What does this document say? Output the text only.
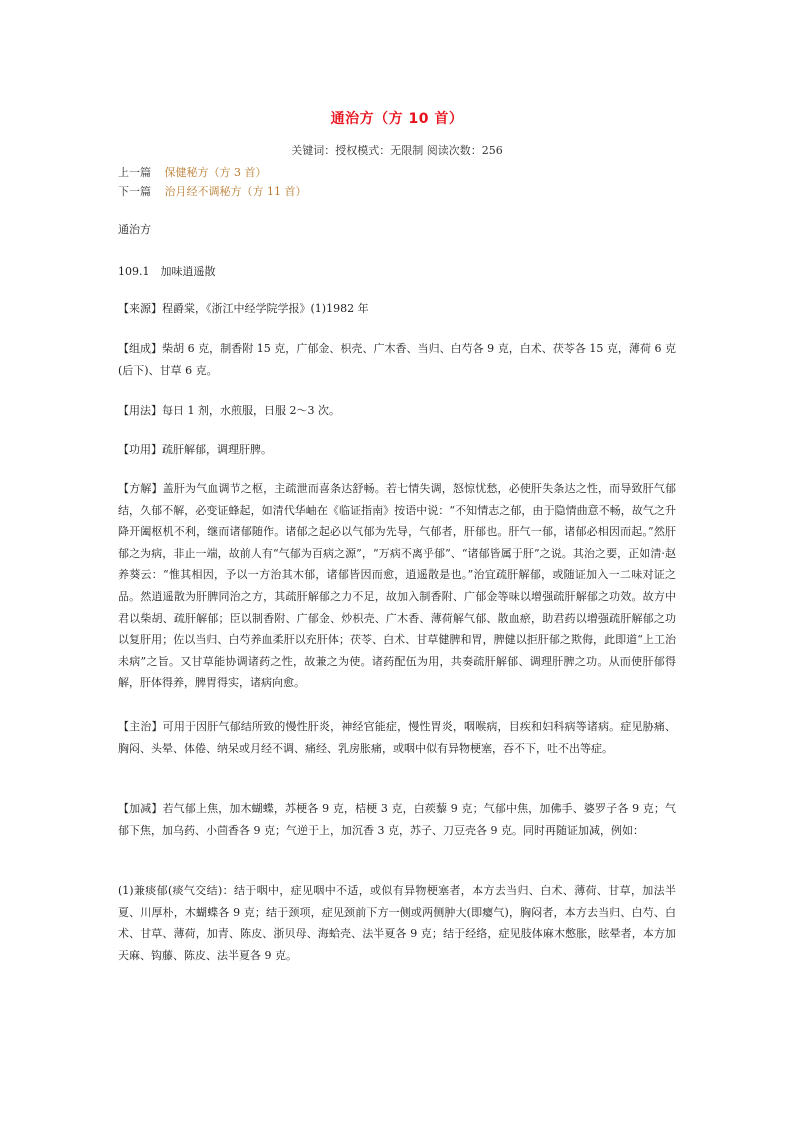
通治方（方 10 首）
关键词：授权模式：无限制 阅读次数：256
上一篇 保健秘方（方 3 首）
下一篇 治月经不调秘方（方 11 首）
通治方
109.1　加味逍遥散
【来源】程爵棠，《浙江中经学院学报》(1)1982 年
【组成】柴胡 6 克，制香附 15 克，广郁金、枳壳、广木香、当归、白芍各 9 克，白术、茯苓各 15 克，薄荷 6 克(后下)、甘草 6 克。
【用法】每日 1 剂，水煎服，日服 2～3 次。
【功用】疏肝解郁，调理肝脾。
【方解】盖肝为气血调节之枢，主疏泄而喜条达舒畅。若七情失调，怒惊忧愁，必使肝失条达之性，而导致肝气郁结，久郁不解，必变证蜂起，如清代华岫在《临证指南》按语中说：“不知情志之郁，由于隐情曲意不畅，故气之升降开阖枢机不利，继而诸郁随作。诸郁之起必以气郁为先导，气郁者，肝郁也。肝气一郁，诸郁必相因而起。”然肝郁之为病，非止一端，故前人有“气郁为百病之源”，“万病不离乎郁”、“诸郁皆属于肝”之说。其治之要，正如清·赵养葵云：“惟其相因，予以一方治其木郁，诸郁皆因而愈，逍遥散是也。”治宜疏肝解郁，或随证加入一二味对证之品。然逍遥散为肝脾同治之方，其疏肝解郁之力不足，故加入制香附、广郁金等味以增强疏肝解郁之功效。故方中君以柴胡、疏肝解郁；臣以制香附、广郁金、炒枳壳、广木香、薄荷解气郁、散血瘀，助君药以增强疏肝解郁之功以复肝用；佐以当归、白芍养血柔肝以充肝体；茯苓、白术、甘草健脾和胃，脾健以拒肝郁之欺侮，此即道“上工治未病”之旨。又甘草能协调诸药之性，故兼之为使。诸药配伍为用，共奏疏肝解郁、调理肝脾之功。从而使肝郁得解，肝体得养，脾胃得实，诸病向愈。
【主治】可用于因肝气郁结所致的慢性肝炎，神经官能症，慢性胃炎，咽喉病，目疾和妇科病等诸病。症见胁痛、胸闷、头晕、体倦、纳呆或月经不调、痛经、乳房胀痛，或咽中似有异物梗塞，吞不下，吐不出等症。
【加减】若气郁上焦，加木蝴蝶，苏梗各 9 克，桔梗 3 克，白蒺藜 9 克；气郁中焦，加佛手、婆罗子各 9 克；气郁下焦，加乌药、小茴香各 9 克；气逆于上，加沉香 3 克，苏子、刀豆壳各 9 克。同时再随证加减，例如：
(1)兼痰郁(痰气交结)：结于咽中，症见咽中不适，或似有异物梗塞者，本方去当归、白术、薄荷、甘草，加法半夏、川厚朴，木蝴蝶各 9 克；结于颈项，症见颈前下方一侧或两侧肿大(即瘿气)，胸闷者，本方去当归、白芍、白术、甘草、薄荷，加青、陈皮、浙贝母、海蛤壳、法半夏各 9 克；结于经络，症见肢体麻木憋胀，眩晕者，本方加天麻、钩藤、陈皮、法半夏各 9 克。
